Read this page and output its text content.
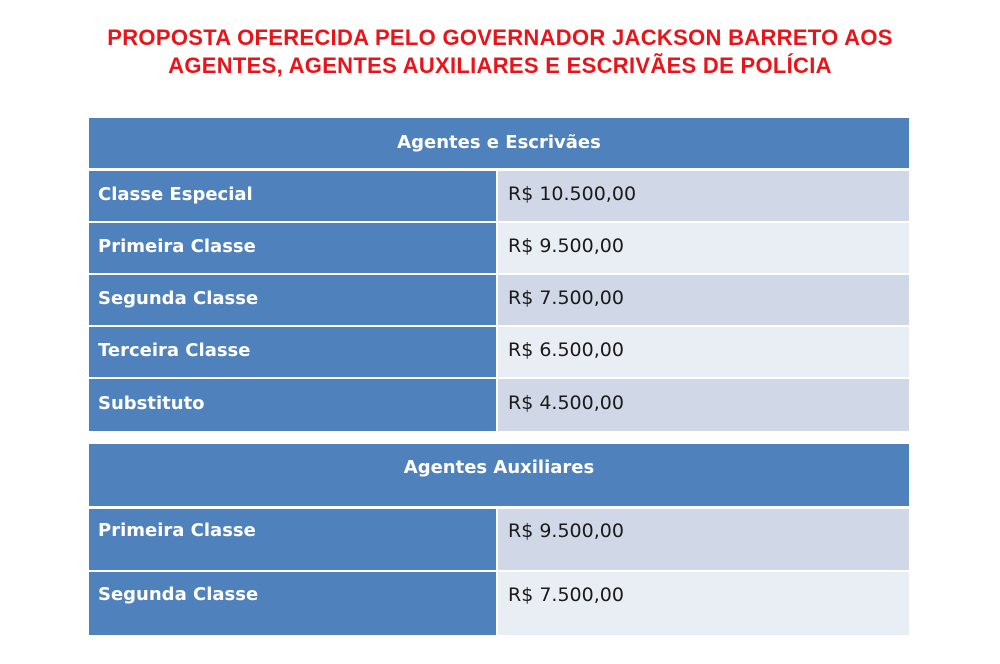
PROPOSTA OFERECIDA PELO GOVERNADOR JACKSON BARRETO AOS
AGENTES, AGENTES AUXILIARES E ESCRIVÃES DE POLÍCIA
Agentes e Escrivães
Classe Especial	R$ 10.500,00
Primeira Classe	R$ 9.500,00
Segunda Classe	R$ 7.500,00
Terceira Classe	R$ 6.500,00
Substituto	R$ 4.500,00
Agentes Auxiliares
Primeira Classe	R$ 9.500,00
Segunda Classe	R$ 7.500,00
